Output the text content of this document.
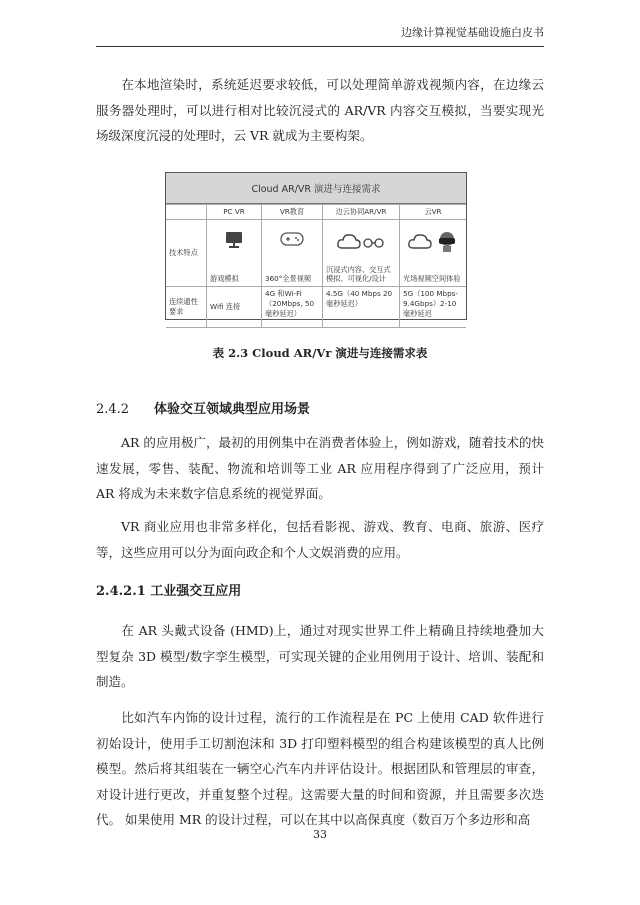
边缘计算视觉基础设施白皮书

在本地渲染时，系统延迟要求较低，可以处理简单游戏视频内容，在边缘云服务器处理时，可以进行相对比较沉浸式的 AR/VR 内容交互模拟，当要实现光场级深度沉浸的处理时，云 VR 就成为主要构架。

Cloud AR/VR 演进与连接需求
	PC VR	VR教育	边云协同AR/VR	云VR
技术特点	游戏模拟	360°全景视频	沉浸式内容、交互式模拟、可视化/设计	光场视频空间体验

连续通性要求	Wifi 连接	4G 和Wi-Fi（20Mbps, 50 毫秒延迟）	4.5G（40 Mbps 20 毫秒延迟）	5G（100 Mbps-9.4Gbps）2-10 毫秒延迟
表 2.3 Cloud AR/Vr 演进与连接需求表
2.4.2 体验交互领域典型应用场景

AR 的应用极广，最初的用例集中在消费者体验上，例如游戏，随着技术的快速发展，零售、装配、物流和培训等工业 AR 应用程序得到了广泛应用，预计 AR 将成为未来数字信息系统的视觉界面。

VR 商业应用也非常多样化，包括看影视、游戏、教育、电商、旅游、医疗等，这些应用可以分为面向政企和个人文娱消费的应用。

2.4.2.1 工业强交互应用

在 AR 头戴式设备 (HMD)上，通过对现实世界工件上精确且持续地叠加大型复杂 3D 模型/数字孪生模型，可实现关键的企业用例用于设计、培训、装配和制造。

比如汽车内饰的设计过程，流行的工作流程是在 PC 上使用 CAD 软件进行初始设计，使用手工切割泡沫和 3D 打印塑料模型的组合构建该模型的真人比例模型。然后将其组装在一辆空心汽车内并评估设计。根据团队和管理层的审查，对设计进行更改，并重复整个过程。这需要大量的时间和资源，并且需要多次迭代。 如果使用 MR 的设计过程，可以在其中以高保真度（数百万个多边形和高

33
